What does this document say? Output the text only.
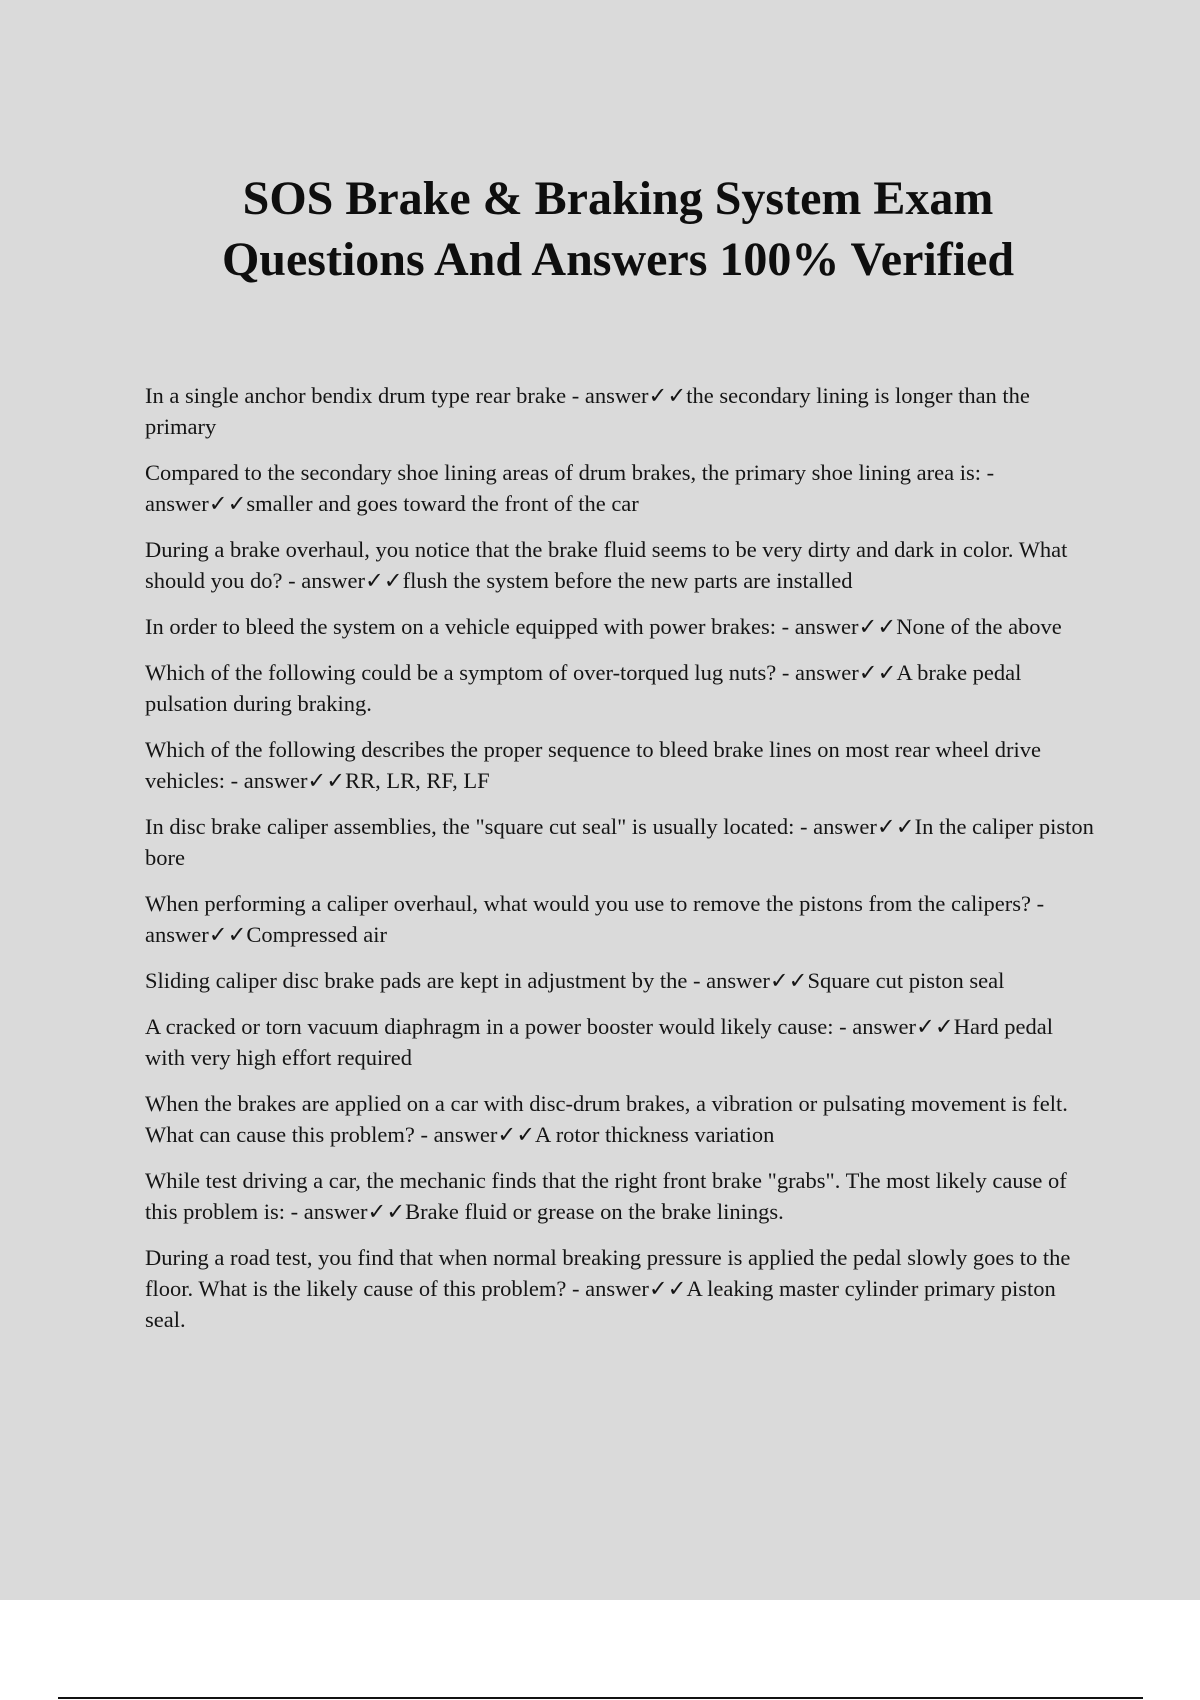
SOS Brake & Braking System Exam
Questions And Answers 100% Verified
In a single anchor bendix drum type rear brake - answer✓✓the secondary lining is longer than the primary
Compared to the secondary shoe lining areas of drum brakes, the primary shoe lining area is: - answer✓✓smaller and goes toward the front of the car
During a brake overhaul, you notice that the brake fluid seems to be very dirty and dark in color. What should you do? - answer✓✓flush the system before the new parts are installed
In order to bleed the system on a vehicle equipped with power brakes: - answer✓✓None of the above
Which of the following could be a symptom of over-torqued lug nuts? - answer✓✓A brake pedal pulsation during braking.
Which of the following describes the proper sequence to bleed brake lines on most rear wheel drive vehicles: - answer✓✓RR, LR, RF, LF
In disc brake caliper assemblies, the "square cut seal" is usually located: - answer✓✓In the caliper piston bore
When performing a caliper overhaul, what would you use to remove the pistons from the calipers? - answer✓✓Compressed air
Sliding caliper disc brake pads are kept in adjustment by the - answer✓✓Square cut piston seal
A cracked or torn vacuum diaphragm in a power booster would likely cause: - answer✓✓Hard pedal with very high effort required
When the brakes are applied on a car with disc-drum brakes, a vibration or pulsating movement is felt. What can cause this problem? - answer✓✓A rotor thickness variation
While test driving a car, the mechanic finds that the right front brake "grabs". The most likely cause of this problem is: - answer✓✓Brake fluid or grease on the brake linings.
During a road test, you find that when normal breaking pressure is applied the pedal slowly goes to the floor. What is the likely cause of this problem? - answer✓✓A leaking master cylinder primary piston seal.
